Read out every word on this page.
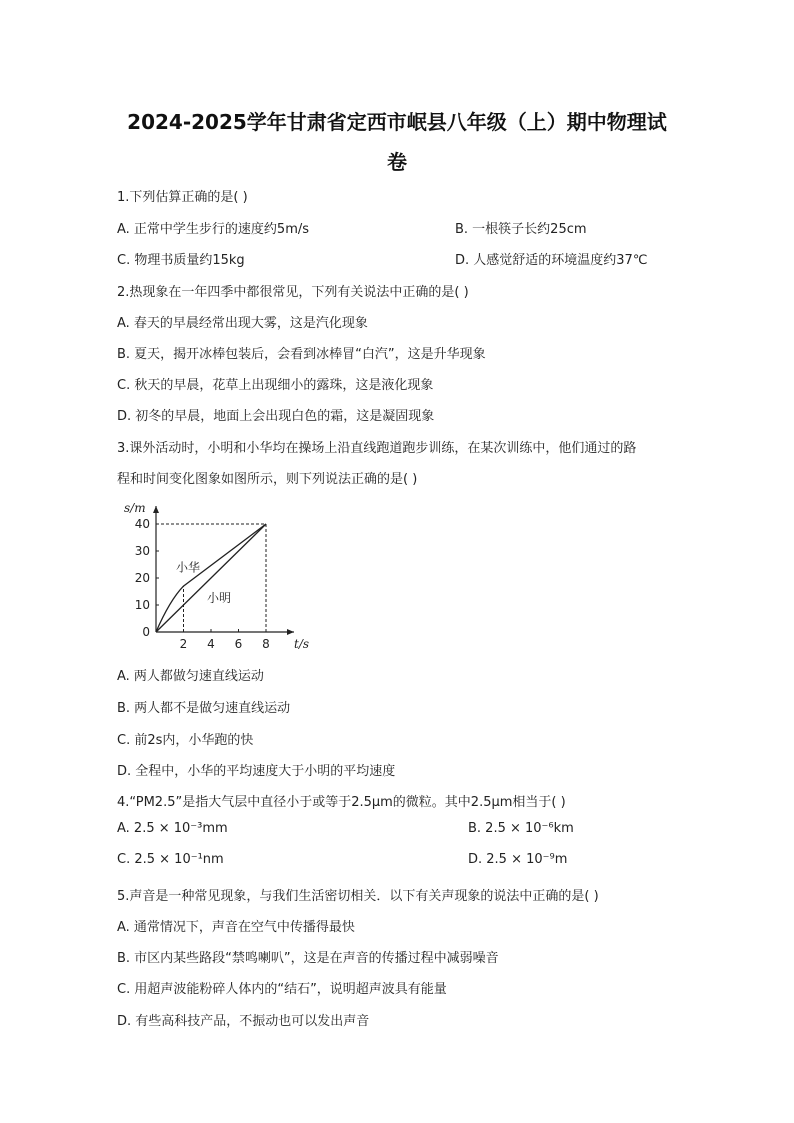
2024-2025学年甘肃省定西市岷县八年级（上）期中物理试
卷
1.下列估算正确的是( )
A. 正常中学生步行的速度约5m/s	B. 一根筷子长约25cm
C. 物理书质量约15kg	D. 人感觉舒适的环境温度约37℃
2.热现象在一年四季中都很常见，下列有关说法中正确的是( )
A. 春天的早晨经常出现大雾，这是汽化现象
B. 夏天，揭开冰棒包装后，会看到冰棒冒“白汽”，这是升华现象
C. 秋天的早晨，花草上出现细小的露珠，这是液化现象
D. 初冬的早晨，地面上会出现白色的霜，这是凝固现象
3.课外活动时，小明和小华均在操场上沿直线跑道跑步训练，在某次训练中，他们通过的路
程和时间变化图象如图所示，则下列说法正确的是( )
t/s
s/m
0
2 4 6 8
10
20
30
40
小华
小明
A. 两人都做匀速直线运动
B. 两人都不是做匀速直线运动
C. 前2s内，小华跑的快
D. 全程中，小华的平均速度大于小明的平均速度
4.“PM2.5”是指大气层中直径小于或等于2.5μm的微粒。其中2.5μm相当于( )
A. 2.5 × 10⁻³mm	B. 2.5 × 10⁻⁶km
C. 2.5 × 10⁻¹nm	D. 2.5 × 10⁻⁹m
5.声音是一种常见现象，与我们生活密切相关．以下有关声现象的说法中正确的是( )
A. 通常情况下，声音在空气中传播得最快
B. 市区内某些路段“禁鸣喇叭”，这是在声音的传播过程中减弱噪音
C. 用超声波能粉碎人体内的“结石”，说明超声波具有能量
D. 有些高科技产品，不振动也可以发出声音
